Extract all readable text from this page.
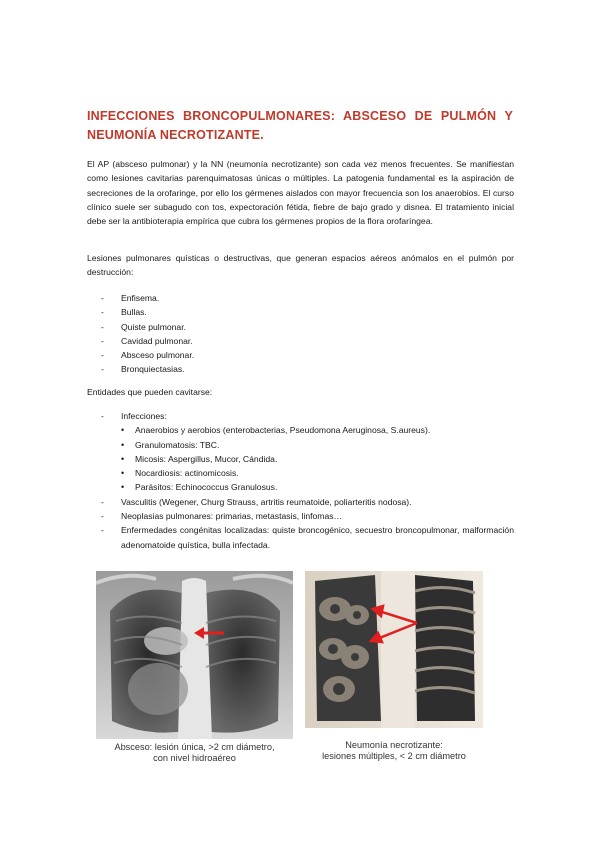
INFECCIONES BRONCOPULMONARES: ABSCESO DE PULMÓN Y NEUMONÍA NECROTIZANTE.
El AP (absceso pulmonar) y la NN (neumonía necrotizante) son cada vez menos frecuentes. Se manifiestan como lesiones cavitarias parenquimatosas únicas o múltiples. La patogenia fundamental es la aspiración de secreciones de la orofaringe, por ello los gérmenes aislados con mayor frecuencia son los anaerobios. El curso clínico suele ser subagudo con tos, expectoración fétida, fiebre de bajo grado y disnea. El tratamiento inicial debe ser la antibioterapia empírica que cubra los gérmenes propios de la flora orofaríngea.
Lesiones pulmonares quísticas o destructivas, que generan espacios aéreos anómalos en el pulmón por destrucción:
- Enfisema.
- Bullas.
- Quiste pulmonar.
- Cavidad pulmonar.
- Absceso pulmonar.
- Bronquiectasias.
Entidades que pueden cavitarse:
- Infecciones:
• Anaerobios y aerobios (enterobacterias, Pseudomona Aeruginosa, S.aureus).
• Granulomatosis: TBC.
• Micosis: Aspergillus, Mucor, Cándida.
• Nocardiosis: actinomicosis.
• Parásitos: Echinococcus Granulosus.
- Vasculitis (Wegener, Churg Strauss, artritis reumatoide, poliarteritis nodosa).
- Neoplasias pulmonares: primarias, metastasis, linfomas…
- Enfermedades congénitas localizadas: quiste broncogénico, secuestro broncopulmonar, malformación adenomatoide quística, bulla infectada.
Absceso: lesión única, >2 cm diámetro,
con nivel hidroaéreo
Neumonía necrotizante:
lesiones múltiples, < 2 cm diámetro
